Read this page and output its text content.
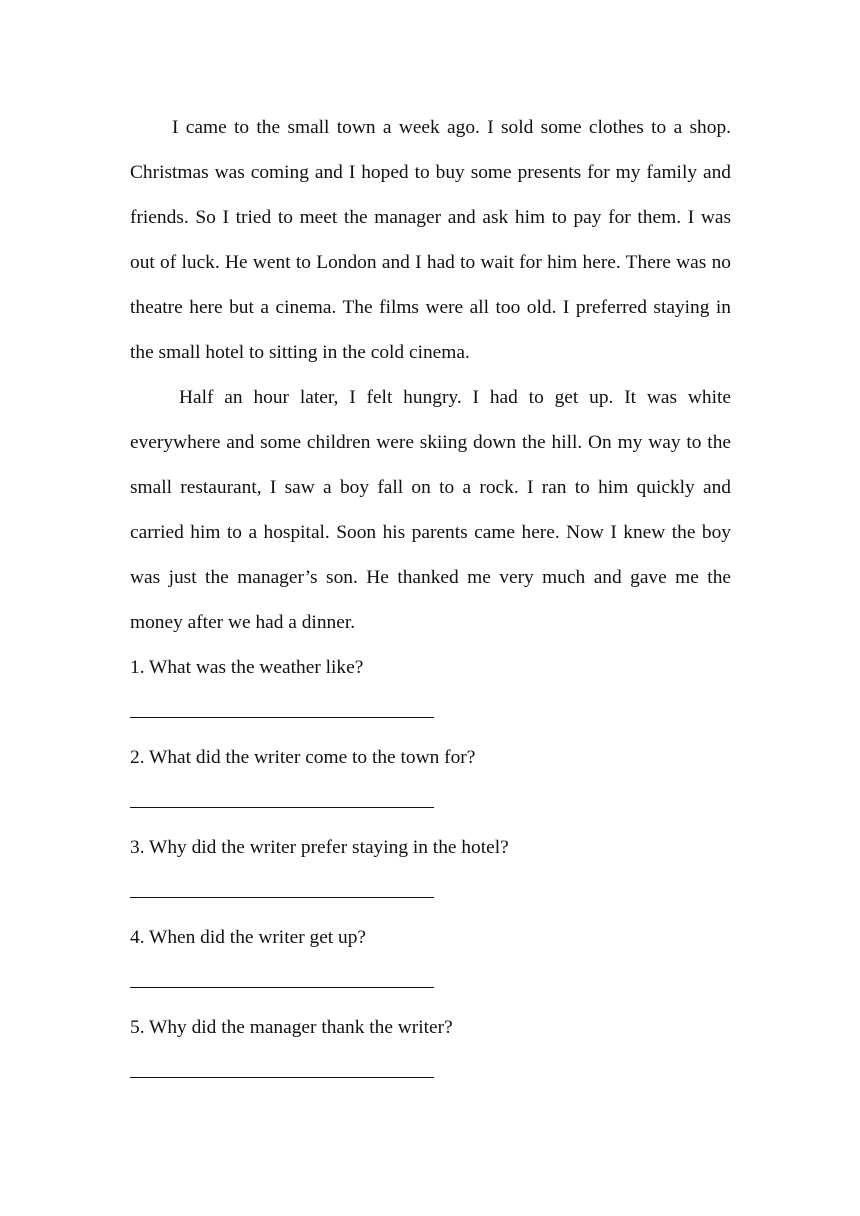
I came to the small town a week ago. I sold some clothes to a shop. Christmas was coming and I hoped to buy some presents for my family and friends. So I tried to meet the manager and ask him to pay for them. I was out of luck. He went to London and I had to wait for him here. There was no theatre here but a cinema. The films were all too old. I preferred staying in the small hotel to sitting in the cold cinema.

Half an hour later, I felt hungry. I had to get up. It was white everywhere and some children were skiing down the hill. On my way to the small restaurant, I saw a boy fall on to a rock. I ran to him quickly and carried him to a hospital. Soon his parents came here. Now I knew the boy was just the manager’s son. He thanked me very much and gave me the money after we had a dinner.

1. What was the weather like?

2. What did the writer come to the town for?

3. Why did the writer prefer staying in the hotel?

4. When did the writer get up?

5. Why did the manager thank the writer?
